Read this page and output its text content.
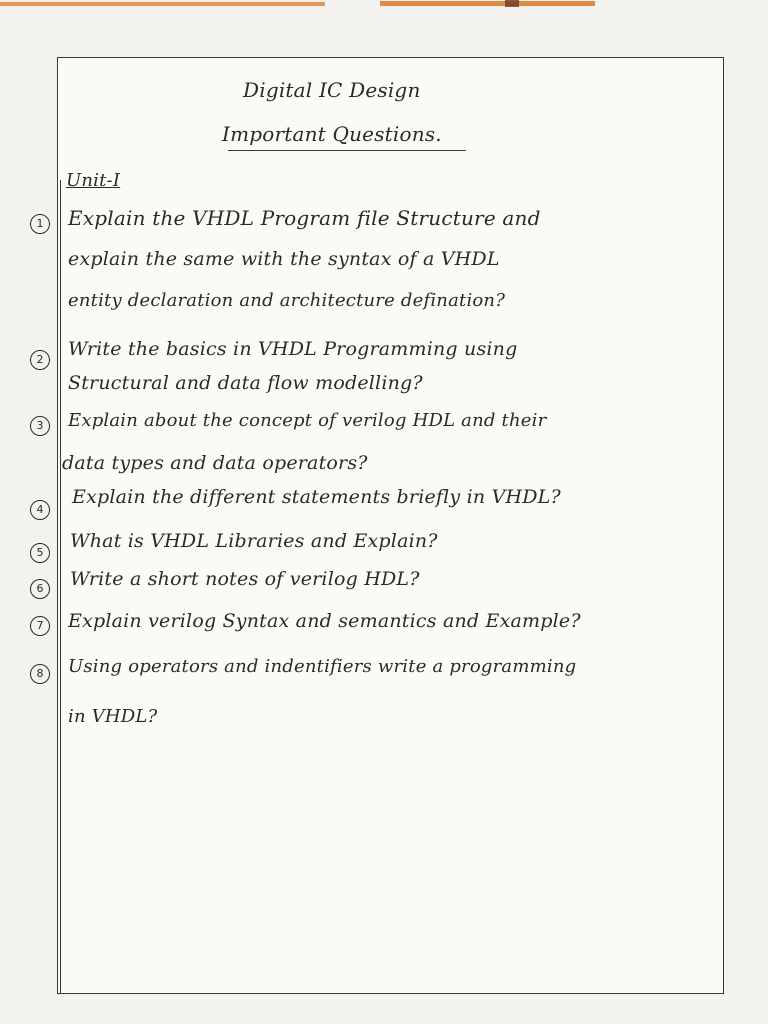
Digital IC Design
Important Questions.
Unit-I
1	Explain the VHDL Program file Structure and
explain the same with the syntax of a VHDL
entity declaration and architecture defination?
2	Write the basics in VHDL Programming using
Structural and data flow modelling?
3	Explain about the concept of verilog HDL and their
data types and data operators?
4
Explain the different statements briefly in VHDL?
5
What is VHDL Libraries and Explain?
6	Write a short notes of verilog HDL?
7	Explain verilog Syntax and semantics and Example?
8	Using operators and indentifiers write a programming
in VHDL?
